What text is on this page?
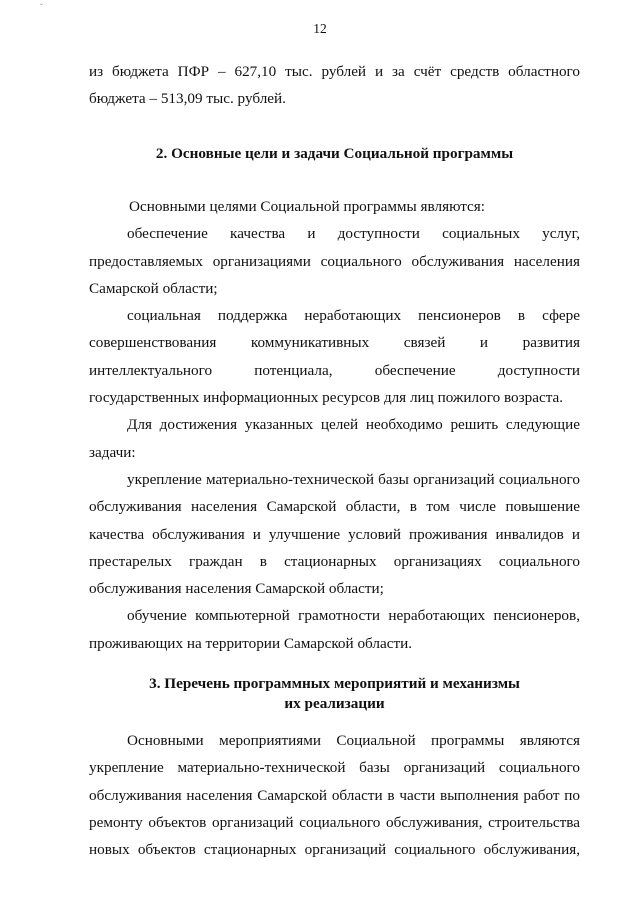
ˇ
12
из бюджета ПФР – 627,10 тыс. рублей и за счёт средств областного
бюджета – 513,09 тыс. рублей.
2. Основные цели и задачи Социальной программы
Основными целями Социальной программы являются:
обеспечение качества и доступности социальных услуг,
предоставляемых организациями социального обслуживания населения
Самарской области;
социальная поддержка неработающих пенсионеров в сфере
совершенствования коммуникативных связей и развития
интеллектуального потенциала, обеспечение доступности
государственных информационных ресурсов для лиц пожилого возраста.
Для достижения указанных целей необходимо решить следующие
задачи:
укрепление материально-технической базы организаций социального
обслуживания населения Самарской области, в том числе повышение
качества обслуживания и улучшение условий проживания инвалидов и
престарелых граждан в стационарных организациях социального
обслуживания населения Самарской области;
обучение компьютерной грамотности неработающих пенсионеров,
проживающих на территории Самарской области.
3. Перечень программных мероприятий и механизмы
их реализации
Основными мероприятиями Социальной программы являются
укрепление материально-технической базы организаций социального
обслуживания населения Самарской области в части выполнения работ по
ремонту объектов организаций социального обслуживания, строительства
новых объектов стационарных организаций социального обслуживания,
